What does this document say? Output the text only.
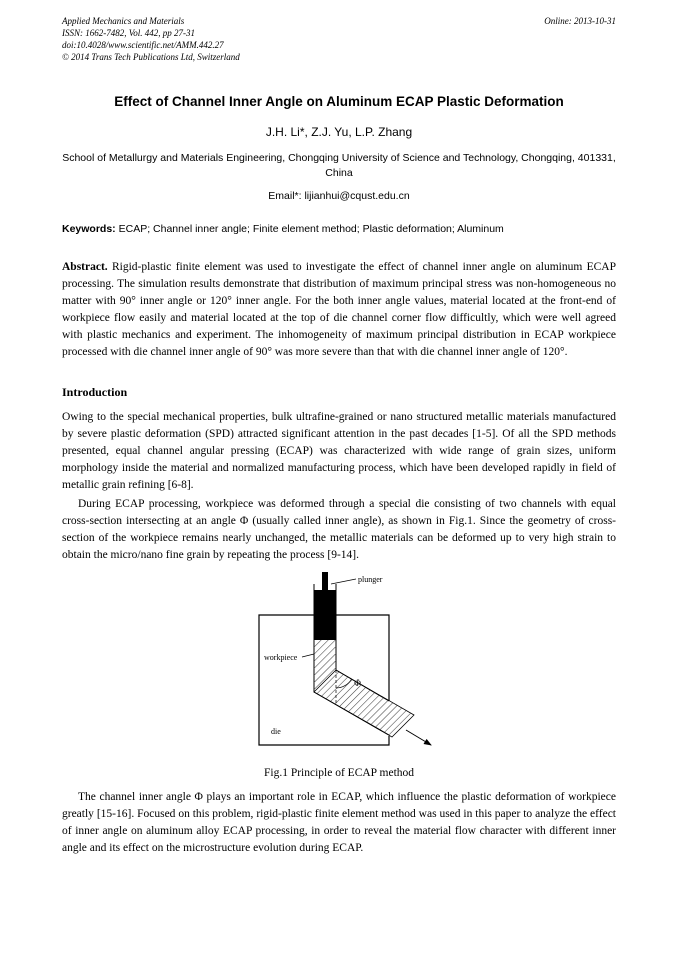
Applied Mechanics and Materials
ISSN: 1662-7482, Vol. 442, pp 27-31
doi:10.4028/www.scientific.net/AMM.442.27
© 2014 Trans Tech Publications Ltd, Switzerland
Online: 2013-10-31
Effect of Channel Inner Angle on Aluminum ECAP Plastic Deformation
J.H. Li*, Z.J. Yu, L.P. Zhang
School of Metallurgy and Materials Engineering, Chongqing University of Science and Technology, Chongqing, 401331, China
Email*: lijianhui@cqust.edu.cn
Keywords: ECAP; Channel inner angle; Finite element method; Plastic deformation; Aluminum

Abstract. Rigid-plastic finite element was used to investigate the effect of channel inner angle on aluminum ECAP processing. The simulation results demonstrate that distribution of maximum principal stress was non-homogeneous no matter with 90° inner angle or 120° inner angle. For the both inner angle values, material located at the front-end of workpiece flow easily and material located at the top of die channel corner flow difficultly, which were well agreed with plastic mechanics and experiment. The inhomogeneity of maximum principal distribution in ECAP workpiece processed with die channel inner angle of 90° was more severe than that with die channel inner angle of 120°.

Introduction

Owing to the special mechanical properties, bulk ultrafine-grained or nano structured metallic materials manufactured by severe plastic deformation (SPD) attracted significant attention in the past decades [1-5]. Of all the SPD methods presented, equal channel angular pressing (ECAP) was characterized with wide range of grain sizes, uniform morphology inside the material and normalized manufacturing process, which have been developed rapidly in field of metallic grain refining [6-8].

During ECAP processing, workpiece was deformed through a special die consisting of two channels with equal cross-section intersecting at an angle Φ (usually called inner angle), as shown in Fig.1. Since the geometry of cross-section of the workpiece remains nearly unchanged, the metallic materials can be deformed up to very high strain to obtain the micro/nano fine grain by repeating the process [9-14].

Φ
plunger
workpiece
die
Fig.1 Principle of ECAP method

The channel inner angle Φ plays an important role in ECAP, which influence the plastic deformation of workpiece greatly [15-16]. Focused on this problem, rigid-plastic finite element method was used in this paper to analyze the effect of inner angle on aluminum alloy ECAP processing, in order to reveal the material flow character with different inner angle and its effect on the microstructure evolution during ECAP.
